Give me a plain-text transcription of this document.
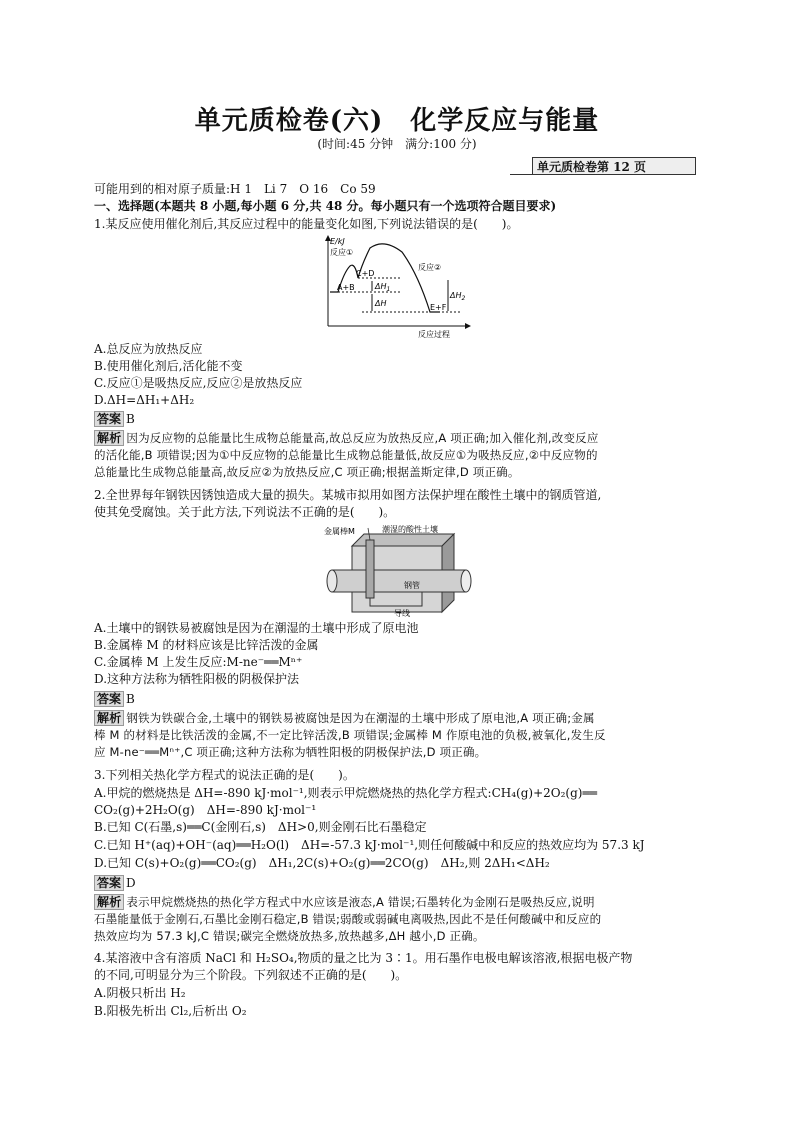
单元质检卷(六)　化学反应与能量
(时间:45 分钟　满分:100 分)
单元质检卷第 12 页
可能用到的相对原子质量:H 1　Li 7　O 16　Co 59
一、选择题(本题共 8 小题,每小题 6 分,共 48 分。每小题只有一个选项符合题目要求)
1.某反应使用催化剂后,其反应过程中的能量变化如图,下列说法错误的是(　　)。
E/kJ
反应①
反应②
C+D
A+B
E+F
$\Delta H_1$
ΔH
$\Delta H_2$
反应过程
A.总反应为放热反应
B.使用催化剂后,活化能不变
C.反应①是吸热反应,反应②是放热反应
D.ΔH=ΔH₁+ΔH₂
答案 B
解析 因为反应物的总能量比生成物总能量高,故总反应为放热反应,A 项正确;加入催化剂,改变反应
的活化能,B 项错误;因为①中反应物的总能量比生成物总能量低,故反应①为吸热反应,②中反应物的
总能量比生成物总能量高,故反应②为放热反应,C 项正确;根据盖斯定律,D 项正确。
2.全世界每年钢铁因锈蚀造成大量的损失。某城市拟用如图方法保护埋在酸性土壤中的钢质管道,
使其免受腐蚀。关于此方法,下列说法不正确的是(　　)。
金属棒M	潮湿的酸性土壤
钢管
导线
A.土壤中的钢铁易被腐蚀是因为在潮湿的土壤中形成了原电池
B.金属棒 M 的材料应该是比锌活泼的金属
C.金属棒 M 上发生反应:M-ne⁻══Mⁿ⁺
D.这种方法称为牺牲阳极的阴极保护法
答案 B
解析 钢铁为铁碳合金,土壤中的钢铁易被腐蚀是因为在潮湿的土壤中形成了原电池,A 项正确;金属
棒 M 的材料是比铁活泼的金属,不一定比锌活泼,B 项错误;金属棒 M 作原电池的负极,被氧化,发生反
应 M-ne⁻══Mⁿ⁺,C 项正确;这种方法称为牺牲阳极的阴极保护法,D 项正确。
3.下列相关热化学方程式的说法正确的是(　　)。
A.甲烷的燃烧热是 ΔH=-890 kJ·mol⁻¹,则表示甲烷燃烧热的热化学方程式:CH₄(g)+2O₂(g)══
CO₂(g)+2H₂O(g)　ΔH=-890 kJ·mol⁻¹
B.已知 C(石墨,s)══C(金刚石,s)　ΔH>0,则金刚石比石墨稳定
C.已知 H⁺(aq)+OH⁻(aq)══H₂O(l)　ΔH=-57.3 kJ·mol⁻¹,则任何酸碱中和反应的热效应均为 57.3 kJ
D.已知 C(s)+O₂(g)══CO₂(g)　ΔH₁,2C(s)+O₂(g)══2CO(g)　ΔH₂,则 2ΔH₁<ΔH₂
答案 D
解析 表示甲烷燃烧热的热化学方程式中水应该是液态,A 错误;石墨转化为金刚石是吸热反应,说明
石墨能量低于金刚石,石墨比金刚石稳定,B 错误;弱酸或弱碱电离吸热,因此不是任何酸碱中和反应的
热效应均为 57.3 kJ,C 错误;碳完全燃烧放热多,放热越多,ΔH 越小,D 正确。
4.某溶液中含有溶质 NaCl 和 H₂SO₄,物质的量之比为 3∶1。用石墨作电极电解该溶液,根据电极产物
的不同,可明显分为三个阶段。下列叙述不正确的是(　　)。
A.阴极只析出 H₂
B.阳极先析出 Cl₂,后析出 O₂
